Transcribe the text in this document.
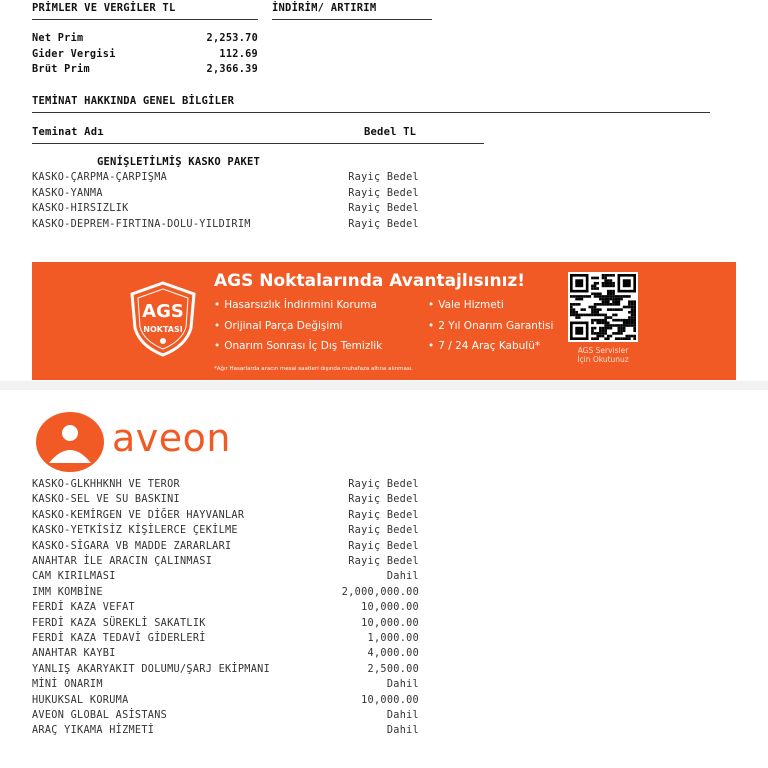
PRİMLER VE VERGİLER TL	İNDİRİM/ ARTIRIM
Net Prim	2,253.70
Gider Vergisi	112.69
Brüt Prim	2,366.39
TEMİNAT HAKKINDA GENEL BİLGİLER
Teminat Adı	Bedel TL
GENİŞLETİLMİŞ KASKO PAKET
KASKO-ÇARPMA-ÇARPIŞMA	Rayiç Bedel
KASKO-YANMA	Rayiç Bedel
KASKO-HIRSIZLIK	Rayiç Bedel
KASKO-DEPREM-FIRTINA-DOLU-YILDIRIM	Rayiç Bedel
AGS
NOKTASI
AGS Noktalarında Avantajlısınız!
• Hasarsızlık İndirimini Koruma
• Orijinal Parça Değişimi
• Onarım Sonrası İç Dış Temizlik
• Vale Hizmeti
• 2 Yıl Onarım Garantisi
• 7 / 24 Araç Kabulü*
*Ağır Hasarlarda aracın mesai saatleri dışında muhafaza altına alınması.
AGS Servisler
İçin Okutunuz
aveon
KASKO-GLKHHKNH VE TEROR	Rayiç Bedel
KASKO-SEL VE SU BASKINI	Rayiç Bedel
KASKO-KEMİRGEN VE DİĞER HAYVANLAR	Rayiç Bedel
KASKO-YETKİSİZ KİŞİLERCE ÇEKİLME	Rayiç Bedel
KASKO-SİGARA VB MADDE ZARARLARI	Rayiç Bedel
ANAHTAR İLE ARACIN ÇALINMASI	Rayiç Bedel
CAM KIRILMASI	Dahil
IMM KOMBİNE	2,000,000.00
FERDİ KAZA VEFAT	10,000.00
FERDİ KAZA SÜREKLİ SAKATLIK	10,000.00
FERDİ KAZA TEDAVİ GİDERLERİ	1,000.00
ANAHTAR KAYBI	4,000.00
YANLIŞ AKARYAKIT DOLUMU/ŞARJ EKİPMANI	2,500.00
MİNİ ONARIM	Dahil
HUKUKSAL KORUMA	10,000.00
AVEON GLOBAL ASİSTANS	Dahil
ARAÇ YIKAMA HİZMETİ	Dahil
